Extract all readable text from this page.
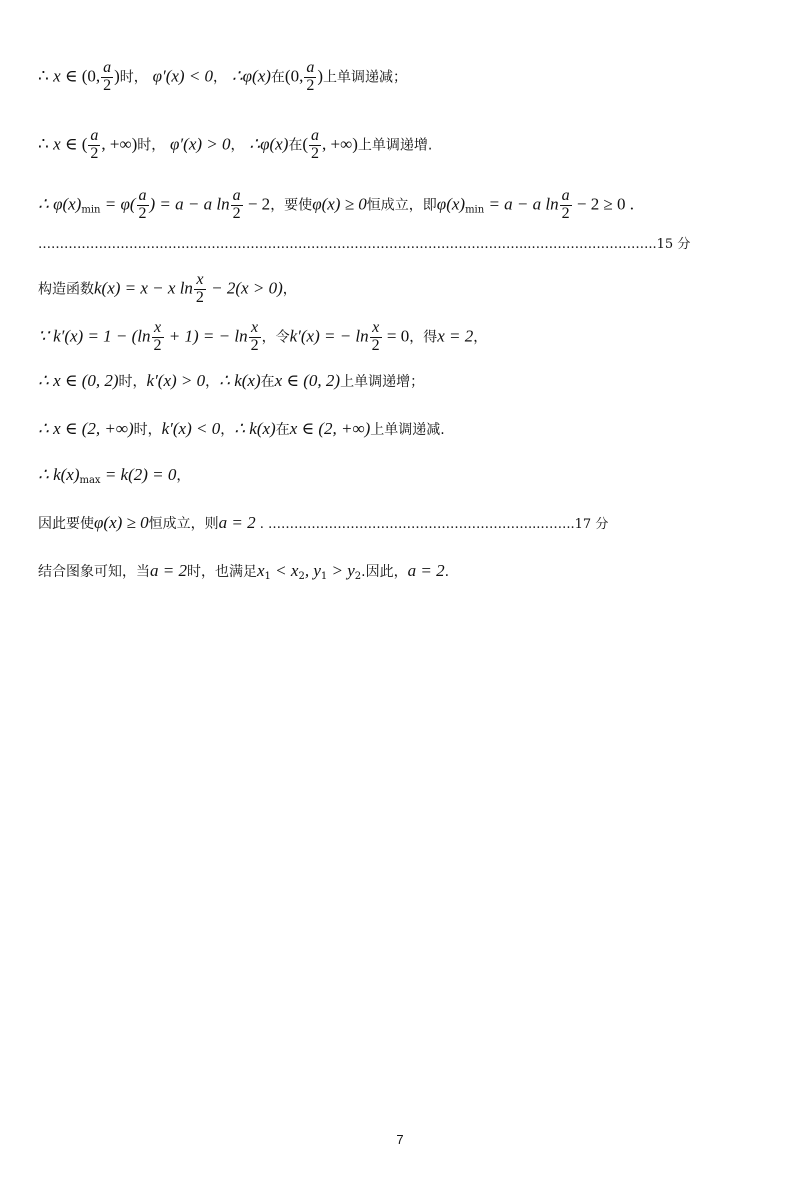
∴ x ∈ (0, $\frac{a}{2}$ )时， φ′(x) < 0， ∴φ(x)在(0, $\frac{a}{2}$ )上单调递减；
∴ x ∈ ( $\frac{a}{2}$ , +∞)时， φ′(x) > 0， ∴φ(x)在( $\frac{a}{2}$ , +∞)上单调递增.
∴ $\varphi(x)_{min} = \varphi( \frac{a}{2}$ ) = a − a $\ln \frac{a}{2} - 2$，要使φ(x) ≥ 0恒成立，即$\varphi(x)_{min} = a - a$ $\ln \frac{a}{2} - 2 \ge 0$ .
…………………………………………………………………………………………………...………………………..15 分
构造函数k(x) = x − x $\ln \frac{x}{2} - 2(x > 0)$，
∵ $k'(x) = 1 - (\ln \frac{x}{2} + 1)$ = − $\ln \frac{x}{2}$ ，令k′(x) = − $\ln \frac{x}{2} = 0$，得x = 2，
∴ x ∈ (0, 2)时，k′(x) > 0，∴ k(x)在x ∈ (0, 2)上单调递增；
∴ x ∈ (2, +∞)时，k′(x) < 0，∴ k(x)在x ∈ (2, +∞)上单调递减.
∴ $k(x)_{max} = k(2) = 0$，
因此要使φ(x) ≥ 0恒成立，则a = 2 . ……………………………………………………...……..17 分
结合图象可知，当a = 2时，也满足$x_1 < x_2$, $y_1 > y_2$.因此，a = 2.
7
